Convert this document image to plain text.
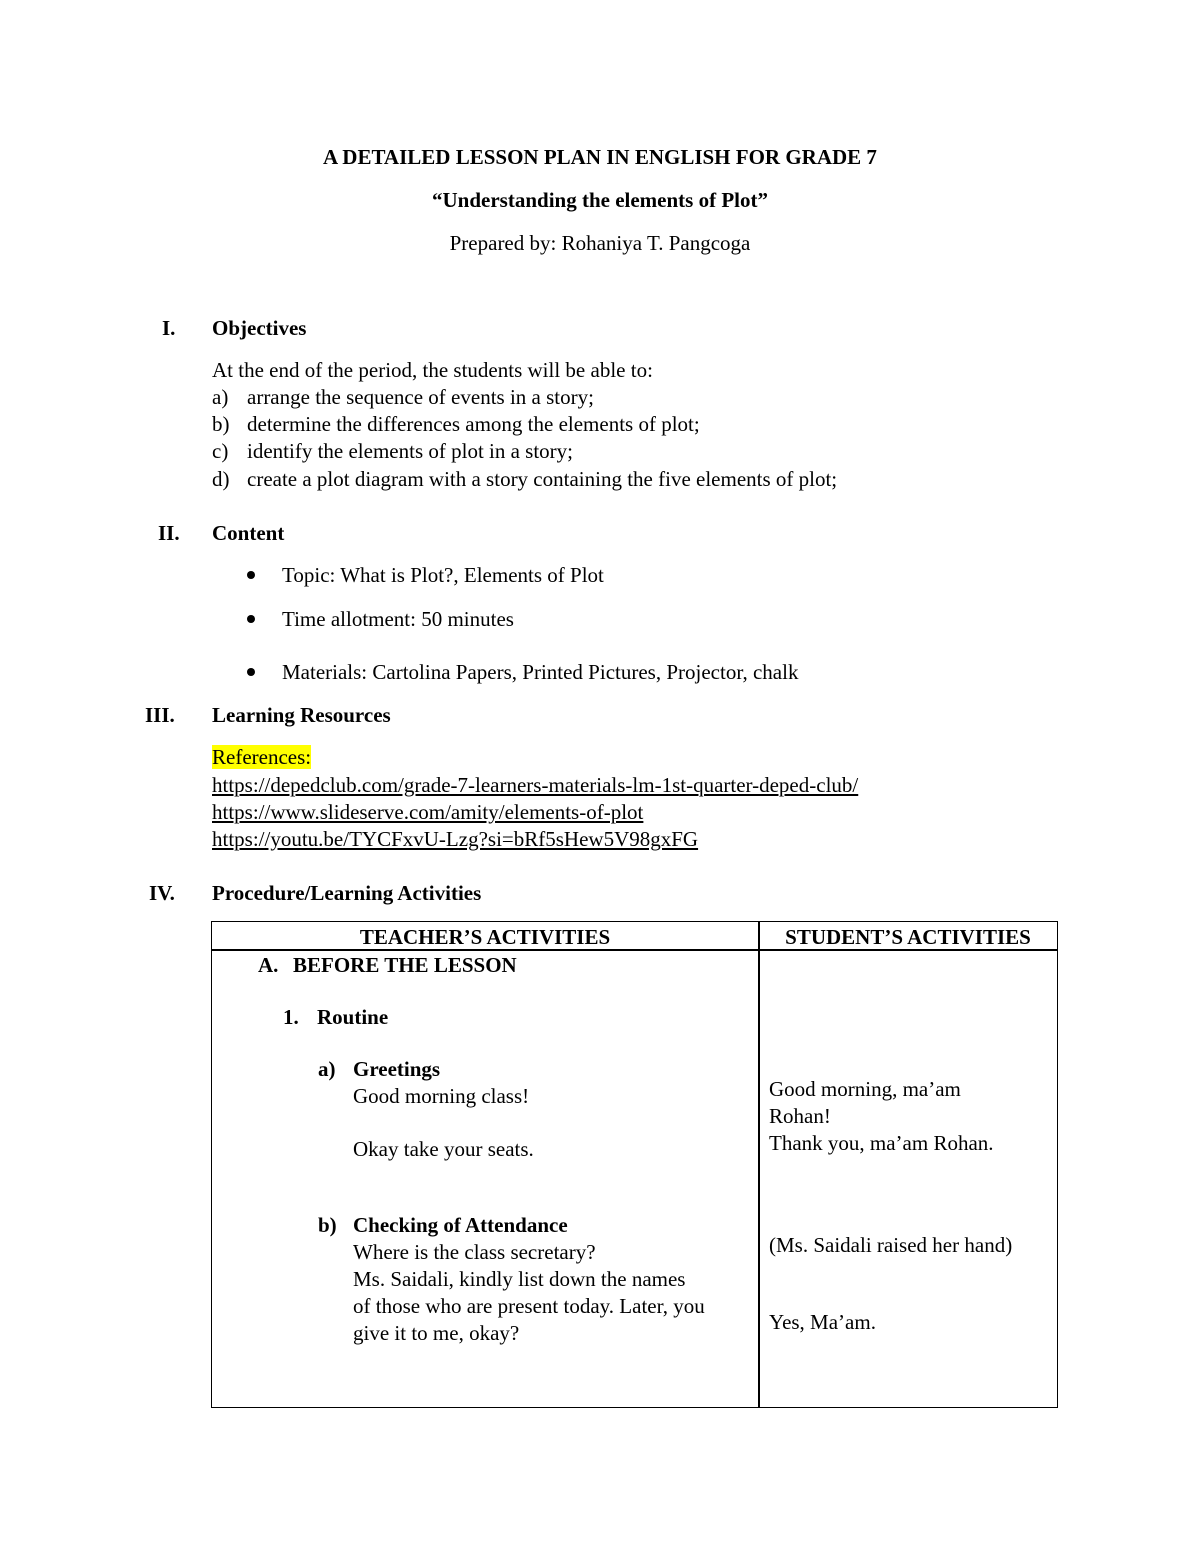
A DETAILED LESSON PLAN IN ENGLISH FOR GRADE 7
“Understanding the elements of Plot”
Prepared by: Rohaniya T. Pangcoga
I. Objectives
At the end of the period, the students will be able to:
a) arrange the sequence of events in a story;
b) determine the differences among the elements of plot;
c) identify the elements of plot in a story;
d) create a plot diagram with a story containing the five elements of plot;
II. Content
Topic: What is Plot?, Elements of Plot
Time allotment: 50 minutes
Materials: Cartolina Papers, Printed Pictures, Projector, chalk
III. Learning Resources
References:
https://depedclub.com/grade-7-learners-materials-lm-1st-quarter-deped-club/
https://www.slideserve.com/amity/elements-of-plot
https://youtu.be/TYCFxvU-Lzg?si=bRf5sHew5V98gxFG
IV. Procedure/Learning Activities
TEACHER’S ACTIVITIES	STUDENT’S ACTIVITIES
A. BEFORE THE LESSON
1. Routine
a) Greetings
Good morning class!
Okay take your seats.
b) Checking of Attendance
Where is the class secretary?
Ms. Saidali, kindly list down the names
of those who are present today. Later, you
give it to me, okay?
Good morning, ma’am
Rohan!
Thank you, ma’am Rohan.
(Ms. Saidali raised her hand)
Yes, Ma’am.
